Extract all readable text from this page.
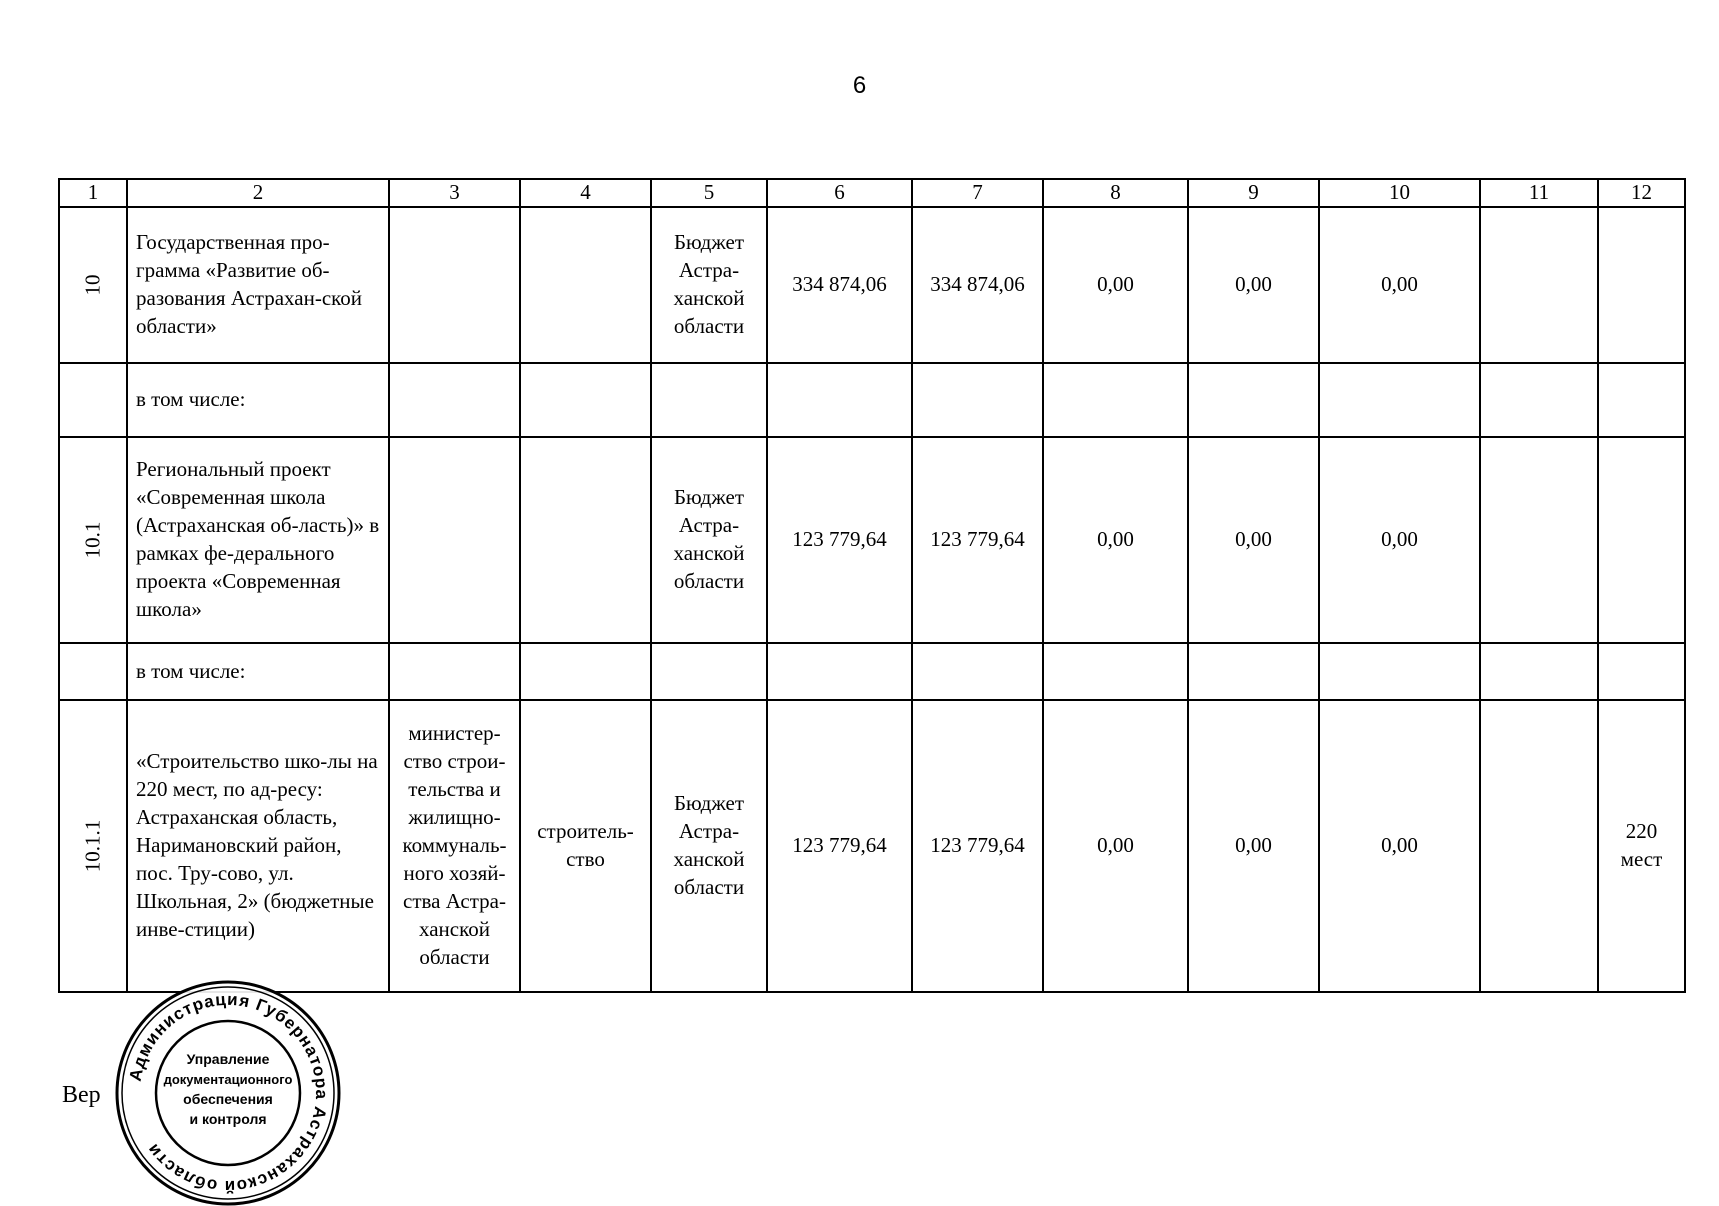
6
1	2	3	4	5	6	7	8	9	10	11	12
10	Государственная про-грамма «Развитие об-разования Астрахан-ской области»			Бюджет Астра-ханской области	334 874,06	334 874,06	0,00	0,00	0,00		
	в том числе:										
10.1	Региональный проект «Современная школа (Астраханская об-ласть)» в рамках фе-дерального проекта «Современная школа»			Бюджет Астра-ханской области	123 779,64	123 779,64	0,00	0,00	0,00		
	в том числе:										
10.1.1	«Строительство шко-лы на 220 мест, по ад-ресу: Астраханская область, Наримановский район, пос. Тру-сово, ул. Школьная, 2» (бюджетные инве-стиции)	министер-ство строи-тельства и жилищно-коммуналь-ного хозяй-ства Астра-ханской области	строитель-ство	Бюджет Астра-ханской области	123 779,64	123 779,64	0,00	0,00	0,00		220 мест
Вер
Администрация Губернатора Астраханской области
Управление
документационного
обеспечения
и контроля
